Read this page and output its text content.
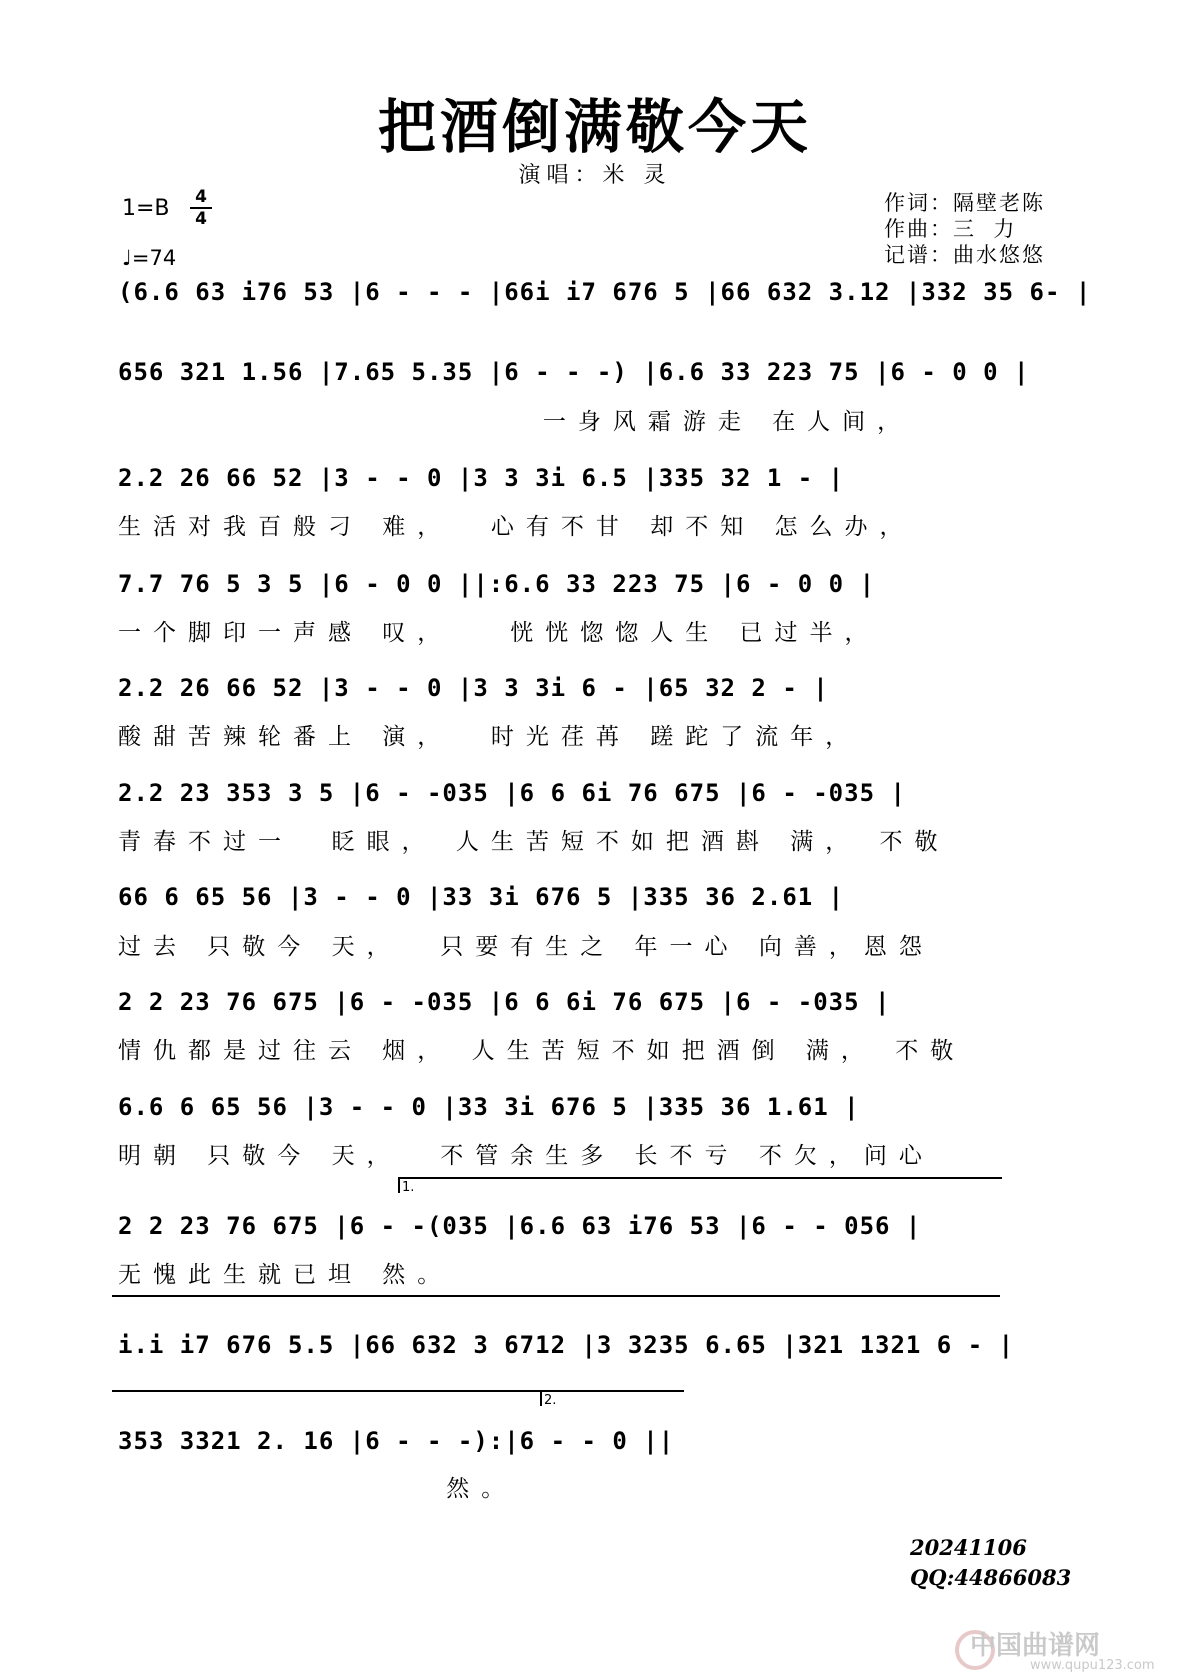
把酒倒满敬今天
演唱：米 灵
1=B 4
4
♩=74
作词：隔壁老陈
作曲：三  力
记谱：曲水悠悠
(6.6 63 i76 53 |6 - - - |66i i7 676 5 |66 632 3.12 |332 35 6- |
656 321 1.56 |7.65 5.35 |6 - - -) |6.6 33 223 75 |6 - 0 0 |
一身风霜游走 在人间，
2.2 26 66 52 |3 - - 0 |3 3 3i 6.5 |335 32 1 - |
生活对我百般刁 难，  心有不甘 却不知 怎么办，
7.7 76 5 3 5 |6 - 0 0 ||:6.6 33 223 75 |6 - 0 0 |
一个脚印一声感 叹，   恍恍惚惚人生 已过半，
2.2 26 66 52 |3 - - 0 |3 3 3i 6 - |65 32 2 - |
酸甜苦辣轮番上 演，  时光荏苒 蹉跎了流年，
2.2 23 353 3 5 |6 - -035 |6 6 6i 76 675 |6 - -035 |
青春不过一  眨眼， 人生苦短不如把酒斟 满， 不敬
66 6 65 56 |3 - - 0 |33 3i 676 5 |335 36 2.61 |
过去 只敬今 天，  只要有生之 年一心 向善，恩怨
2 2 23 76 675 |6 - -035 |6 6 6i 76 675 |6 - -035 |
情仇都是过往云 烟， 人生苦短不如把酒倒 满， 不敬
6.6 6 65 56 |3 - - 0 |33 3i 676 5 |335 36 1.61 |
明朝 只敬今 天，  不管余生多 长不亏 不欠，问心
1.
2 2 23 76 675 |6 - -(035 |6.6 63 i76 53 |6 - - 056 |
无愧此生就已坦 然。
i.i i7 676 5.5 |66 632 3 6712 |3 3235 6.65 |321 1321 6 - |
2.
353 3321 2. 16 |6 - - -):|6 - - 0 ||
然。
20241106
QQ:44866083
中国曲谱网
www.qupu123.com
